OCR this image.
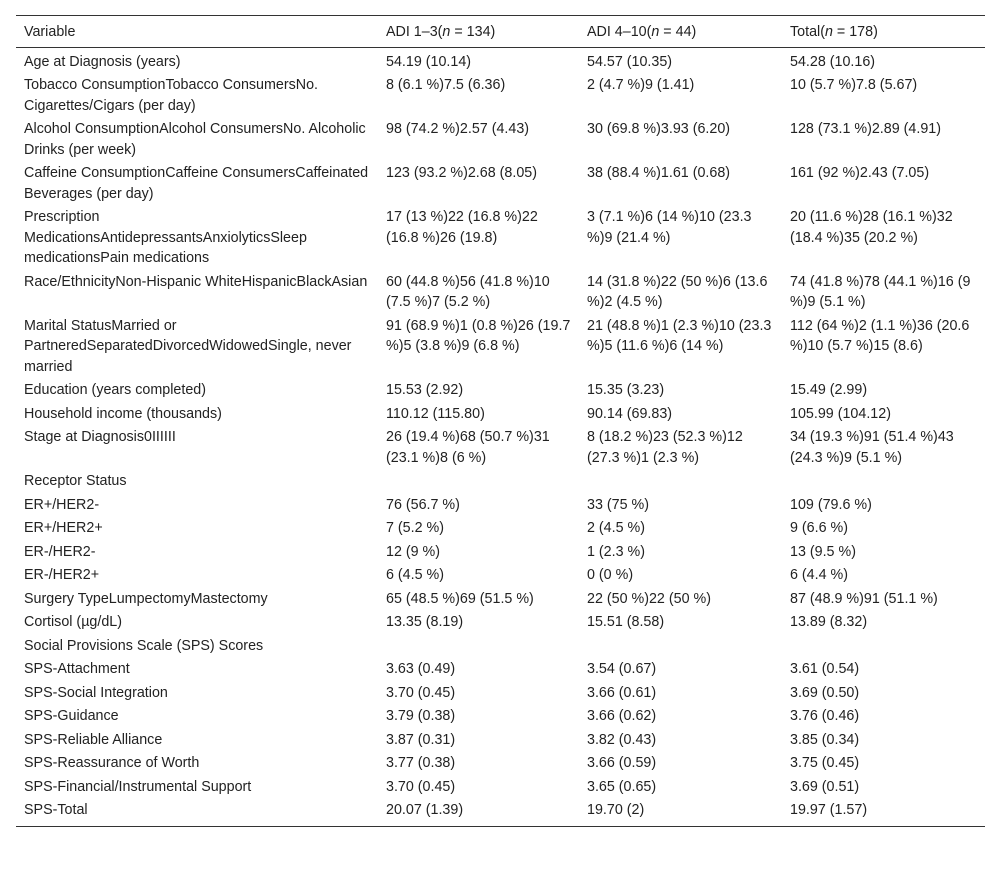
Variable	ADI 1–3(n = 134)	ADI 4–10(n = 44)	Total(n = 178)
Age at Diagnosis (years)	54.19 (10.14)	54.57 (10.35)	54.28 (10.16)
Tobacco ConsumptionTobacco ConsumersNo. Cigarettes/Cigars (per day)	8 (6.1 %)7.5 (6.36)	2 (4.7 %)9 (1.41)	10 (5.7 %)7.8 (5.67)
Alcohol ConsumptionAlcohol ConsumersNo. Alcoholic Drinks (per week)	98 (74.2 %)2.57 (4.43)	30 (69.8 %)3.93 (6.20)	128 (73.1 %)2.89 (4.91)
Caffeine ConsumptionCaffeine ConsumersCaffeinated Beverages (per day)	123 (93.2 %)2.68 (8.05)	38 (88.4 %)1.61 (0.68)	161 (92 %)2.43 (7.05)
Prescription MedicationsAntidepressantsAnxiolyticsSleep medicationsPain medications	17 (13 %)22 (16.8 %)22 (16.8 %)26 (19.8)	3 (7.1 %)6 (14 %)10 (23.3 %)9 (21.4 %)	20 (11.6 %)28 (16.1 %)32 (18.4 %)35 (20.2 %)
Race/EthnicityNon-Hispanic WhiteHispanicBlackAsian	60 (44.8 %)56 (41.8 %)10 (7.5 %)7 (5.2 %)	14 (31.8 %)22 (50 %)6 (13.6 %)2 (4.5 %)	74 (41.8 %)78 (44.1 %)16 (9 %)9 (5.1 %)
Marital StatusMarried or PartneredSeparatedDivorcedWidowedSingle, never married	91 (68.9 %)1 (0.8 %)26 (19.7 %)5 (3.8 %)9 (6.8 %)	21 (48.8 %)1 (2.3 %)10 (23.3 %)5 (11.6 %)6 (14 %)	112 (64 %)2 (1.1 %)36 (20.6 %)10 (5.7 %)15 (8.6)
Education (years completed)	15.53 (2.92)	15.35 (3.23)	15.49 (2.99)
Household income (thousands)	110.12 (115.80)	90.14 (69.83)	105.99 (104.12)
Stage at Diagnosis0IIIIII	26 (19.4 %)68 (50.7 %)31 (23.1 %)8 (6 %)	8 (18.2 %)23 (52.3 %)12 (27.3 %)1 (2.3 %)	34 (19.3 %)91 (51.4 %)43 (24.3 %)9 (5.1 %)
Receptor Status			
ER+/HER2-	76 (56.7 %)	33 (75 %)	109 (79.6 %)
ER+/HER2+	7 (5.2 %)	2 (4.5 %)	9 (6.6 %)
ER-/HER2-	12 (9 %)	1 (2.3 %)	13 (9.5 %)
ER-/HER2+	6 (4.5 %)	0 (0 %)	6 (4.4 %)
Surgery TypeLumpectomyMastectomy	65 (48.5 %)69 (51.5 %)	22 (50 %)22 (50 %)	87 (48.9 %)91 (51.1 %)
Cortisol (µg/dL)	13.35 (8.19)	15.51 (8.58)	13.89 (8.32)
Social Provisions Scale (SPS) Scores			
SPS-Attachment	3.63 (0.49)	3.54 (0.67)	3.61 (0.54)
SPS-Social Integration	3.70 (0.45)	3.66 (0.61)	3.69 (0.50)
SPS-Guidance	3.79 (0.38)	3.66 (0.62)	3.76 (0.46)
SPS-Reliable Alliance	3.87 (0.31)	3.82 (0.43)	3.85 (0.34)
SPS-Reassurance of Worth	3.77 (0.38)	3.66 (0.59)	3.75 (0.45)
SPS-Financial/Instrumental Support	3.70 (0.45)	3.65 (0.65)	3.69 (0.51)
SPS-Total	20.07 (1.39)	19.70 (2)	19.97 (1.57)
